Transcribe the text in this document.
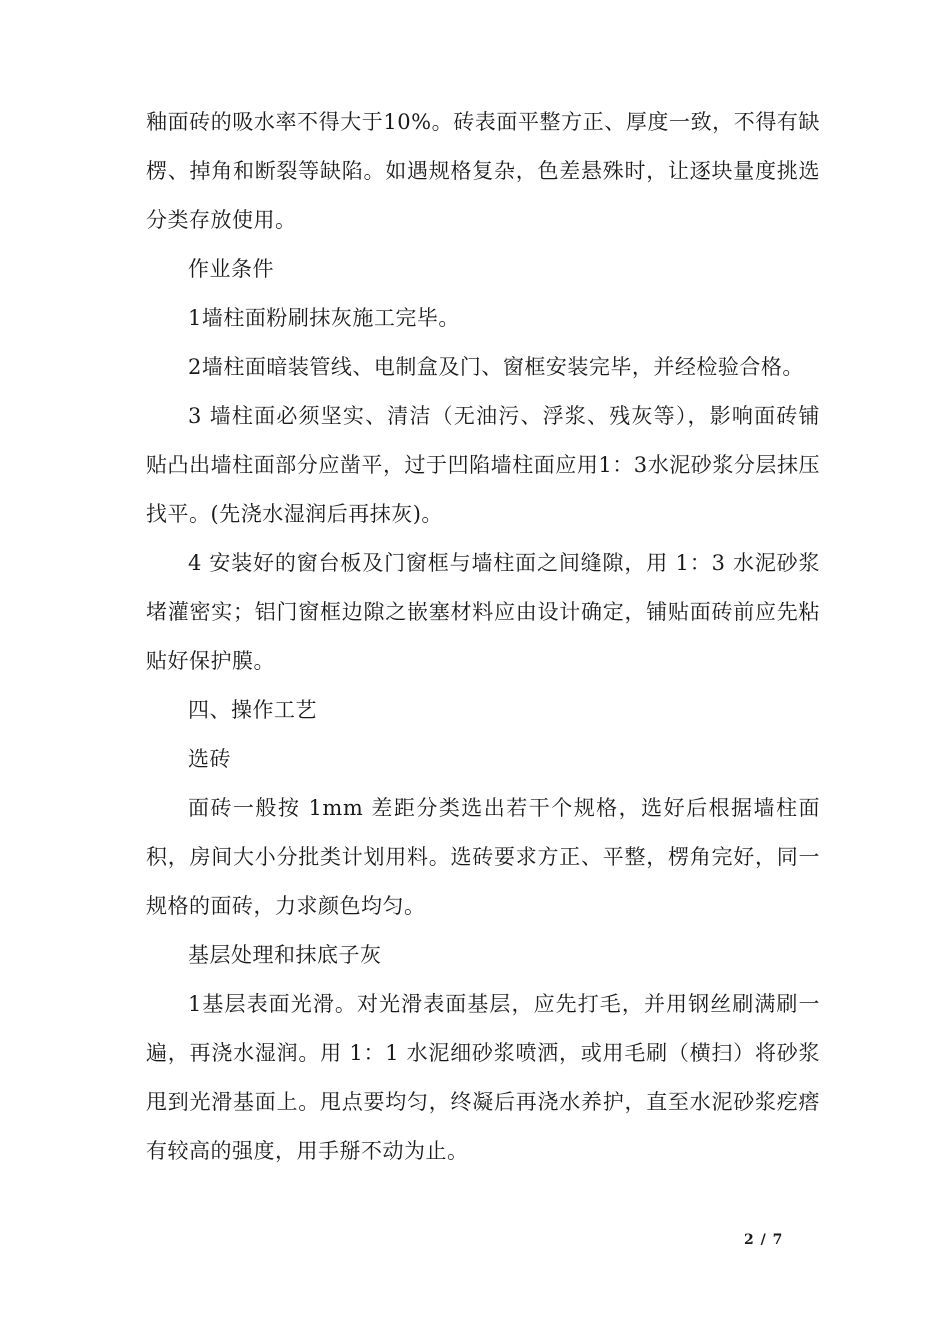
釉面砖的吸水率不得大于10%。砖表面平整方正、厚度一致，不得有缺楞、掉角和断裂等缺陷。如遇规格复杂，色差悬殊时，让逐块量度挑选分类存放使用。

作业条件

1墙柱面粉刷抹灰施工完毕。

2墙柱面暗装管线、电制盒及门、窗框安装完毕，并经检验合格。

3 墙柱面必须坚实、清洁（无油污、浮浆、残灰等），影响面砖铺贴凸出墙柱面部分应凿平，过于凹陷墙柱面应用1：3水泥砂浆分层抹压找平。(先浇水湿润后再抹灰)。

4 安装好的窗台板及门窗框与墙柱面之间缝隙，用 1：3 水泥砂浆堵灌密实；铝门窗框边隙之嵌塞材料应由设计确定，铺贴面砖前应先粘贴好保护膜。

四、操作工艺

选砖

面砖一般按 1mm 差距分类选出若干个规格，选好后根据墙柱面积，房间大小分批类计划用料。选砖要求方正、平整，楞角完好，同一规格的面砖，力求颜色均匀。

基层处理和抹底子灰

1基层表面光滑。对光滑表面基层，应先打毛，并用钢丝刷满刷一遍，再浇水湿润。用 1：1 水泥细砂浆喷洒，或用毛刷（横扫）将砂浆甩到光滑基面上。甩点要均匀，终凝后再浇水养护，直至水泥砂浆疙瘩有较高的强度，用手掰不动为止。

2 / 7
